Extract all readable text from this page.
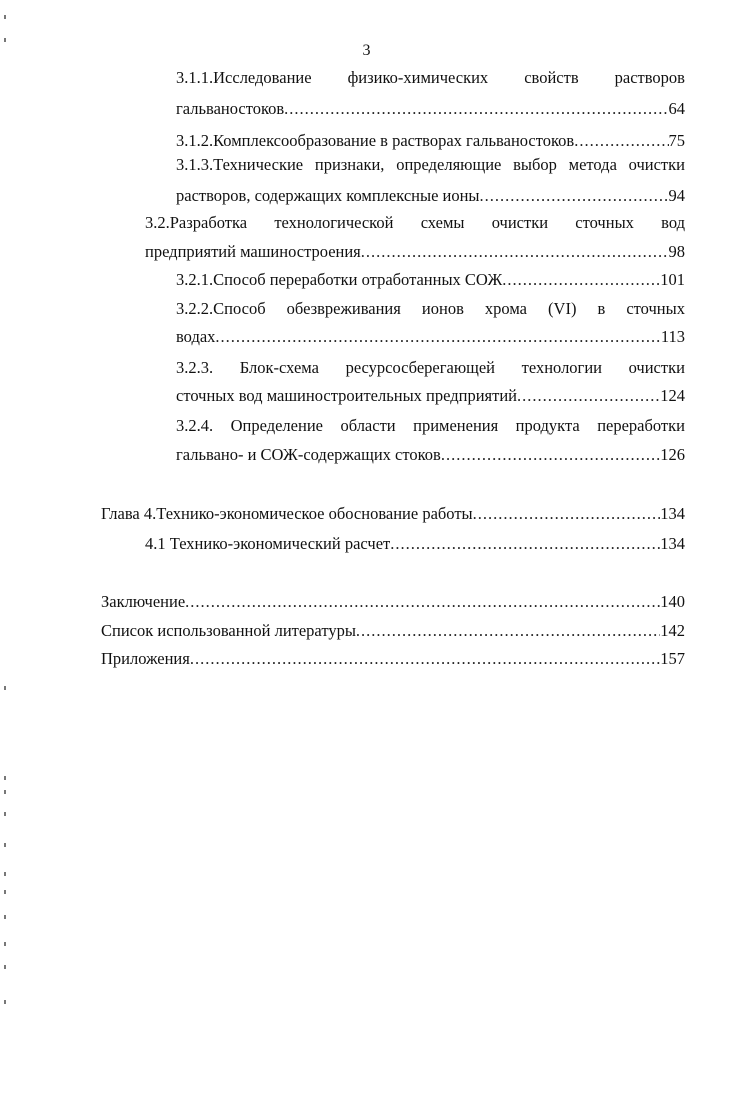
3
3.1.1.Исследование физико-химических свойств растворов
гальваностоков .....	64
3.1.2.Комплексообразование в растворах гальваностоков .....	75
3.1.3.Технические признаки, определяющие выбор метода очистки
растворов, содержащих комплексные ионы .....	94
3.2.Разработка технологической схемы очистки сточных вод
предприятий машиностроения .....	98
3.2.1.Способ переработки отработанных СОЖ .....	101
3.2.2.Способ обезвреживания ионов хрома (VI) в сточных
водах .....	113
3.2.3. Блок-схема ресурсосберегающей технологии очистки
сточных вод машиностроительных предприятий .....	124
3.2.4. Определение области применения продукта переработки
гальвано- и СОЖ-содержащих стоков .....	126
Глава 4.Технико-экономическое обоснование работы .....	134
4.1 Технико-экономический расчет .....	134
Заключение .....	140
Список использованной литературы .....	142
Приложения .....	157
